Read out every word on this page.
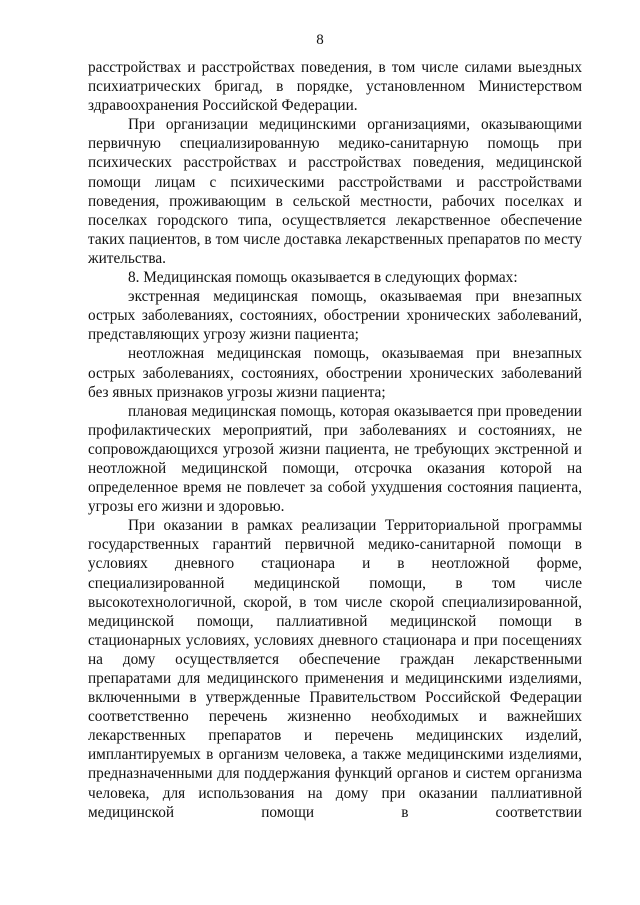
8

расстройствах и расстройствах поведения, в том числе силами выездных психиатрических бригад, в порядке, установленном Министерством здравоохранения Российской Федерации.

При организации медицинскими организациями, оказывающими первичную специализированную медико-санитарную помощь при психических расстройствах и расстройствах поведения, медицинской помощи лицам с психическими расстройствами и расстройствами поведения, проживающим в сельской местности, рабочих поселках и поселках городского типа, осуществляется лекарственное обеспечение таких пациентов, в том числе доставка лекарственных препаратов по месту жительства.

8. Медицинская помощь оказывается в следующих формах:

экстренная медицинская помощь, оказываемая при внезапных острых заболеваниях, состояниях, обострении хронических заболеваний, представляющих угрозу жизни пациента;

неотложная медицинская помощь, оказываемая при внезапных острых заболеваниях, состояниях, обострении хронических заболеваний без явных признаков угрозы жизни пациента;

плановая медицинская помощь, которая оказывается при проведении профилактических мероприятий, при заболеваниях и состояниях, не сопровождающихся угрозой жизни пациента, не требующих экстренной и неотложной медицинской помощи, отсрочка оказания которой на определенное время не повлечет за собой ухудшения состояния пациента, угрозы его жизни и здоровью.

При оказании в рамках реализации Территориальной программы государственных гарантий первичной медико-санитарной помощи в условиях дневного стационара и в неотложной форме, специализированной медицинской помощи, в том числе высокотехнологичной, скорой, в том числе скорой специализированной, медицинской помощи, паллиативной медицинской помощи в стационарных условиях, условиях дневного стационара и при посещениях на дому осуществляется обеспечение граждан лекарственными препаратами для медицинского применения и медицинскими изделиями, включенными в утвержденные Правительством Российской Федерации соответственно перечень жизненно необходимых и важнейших лекарственных препаратов и перечень медицинских изделий, имплантируемых в организм человека, а также медицинскими изделиями, предназначенными для поддержания функций органов и систем организма человека, для использования на дому при оказании паллиативной медицинской помощи в соответствии
